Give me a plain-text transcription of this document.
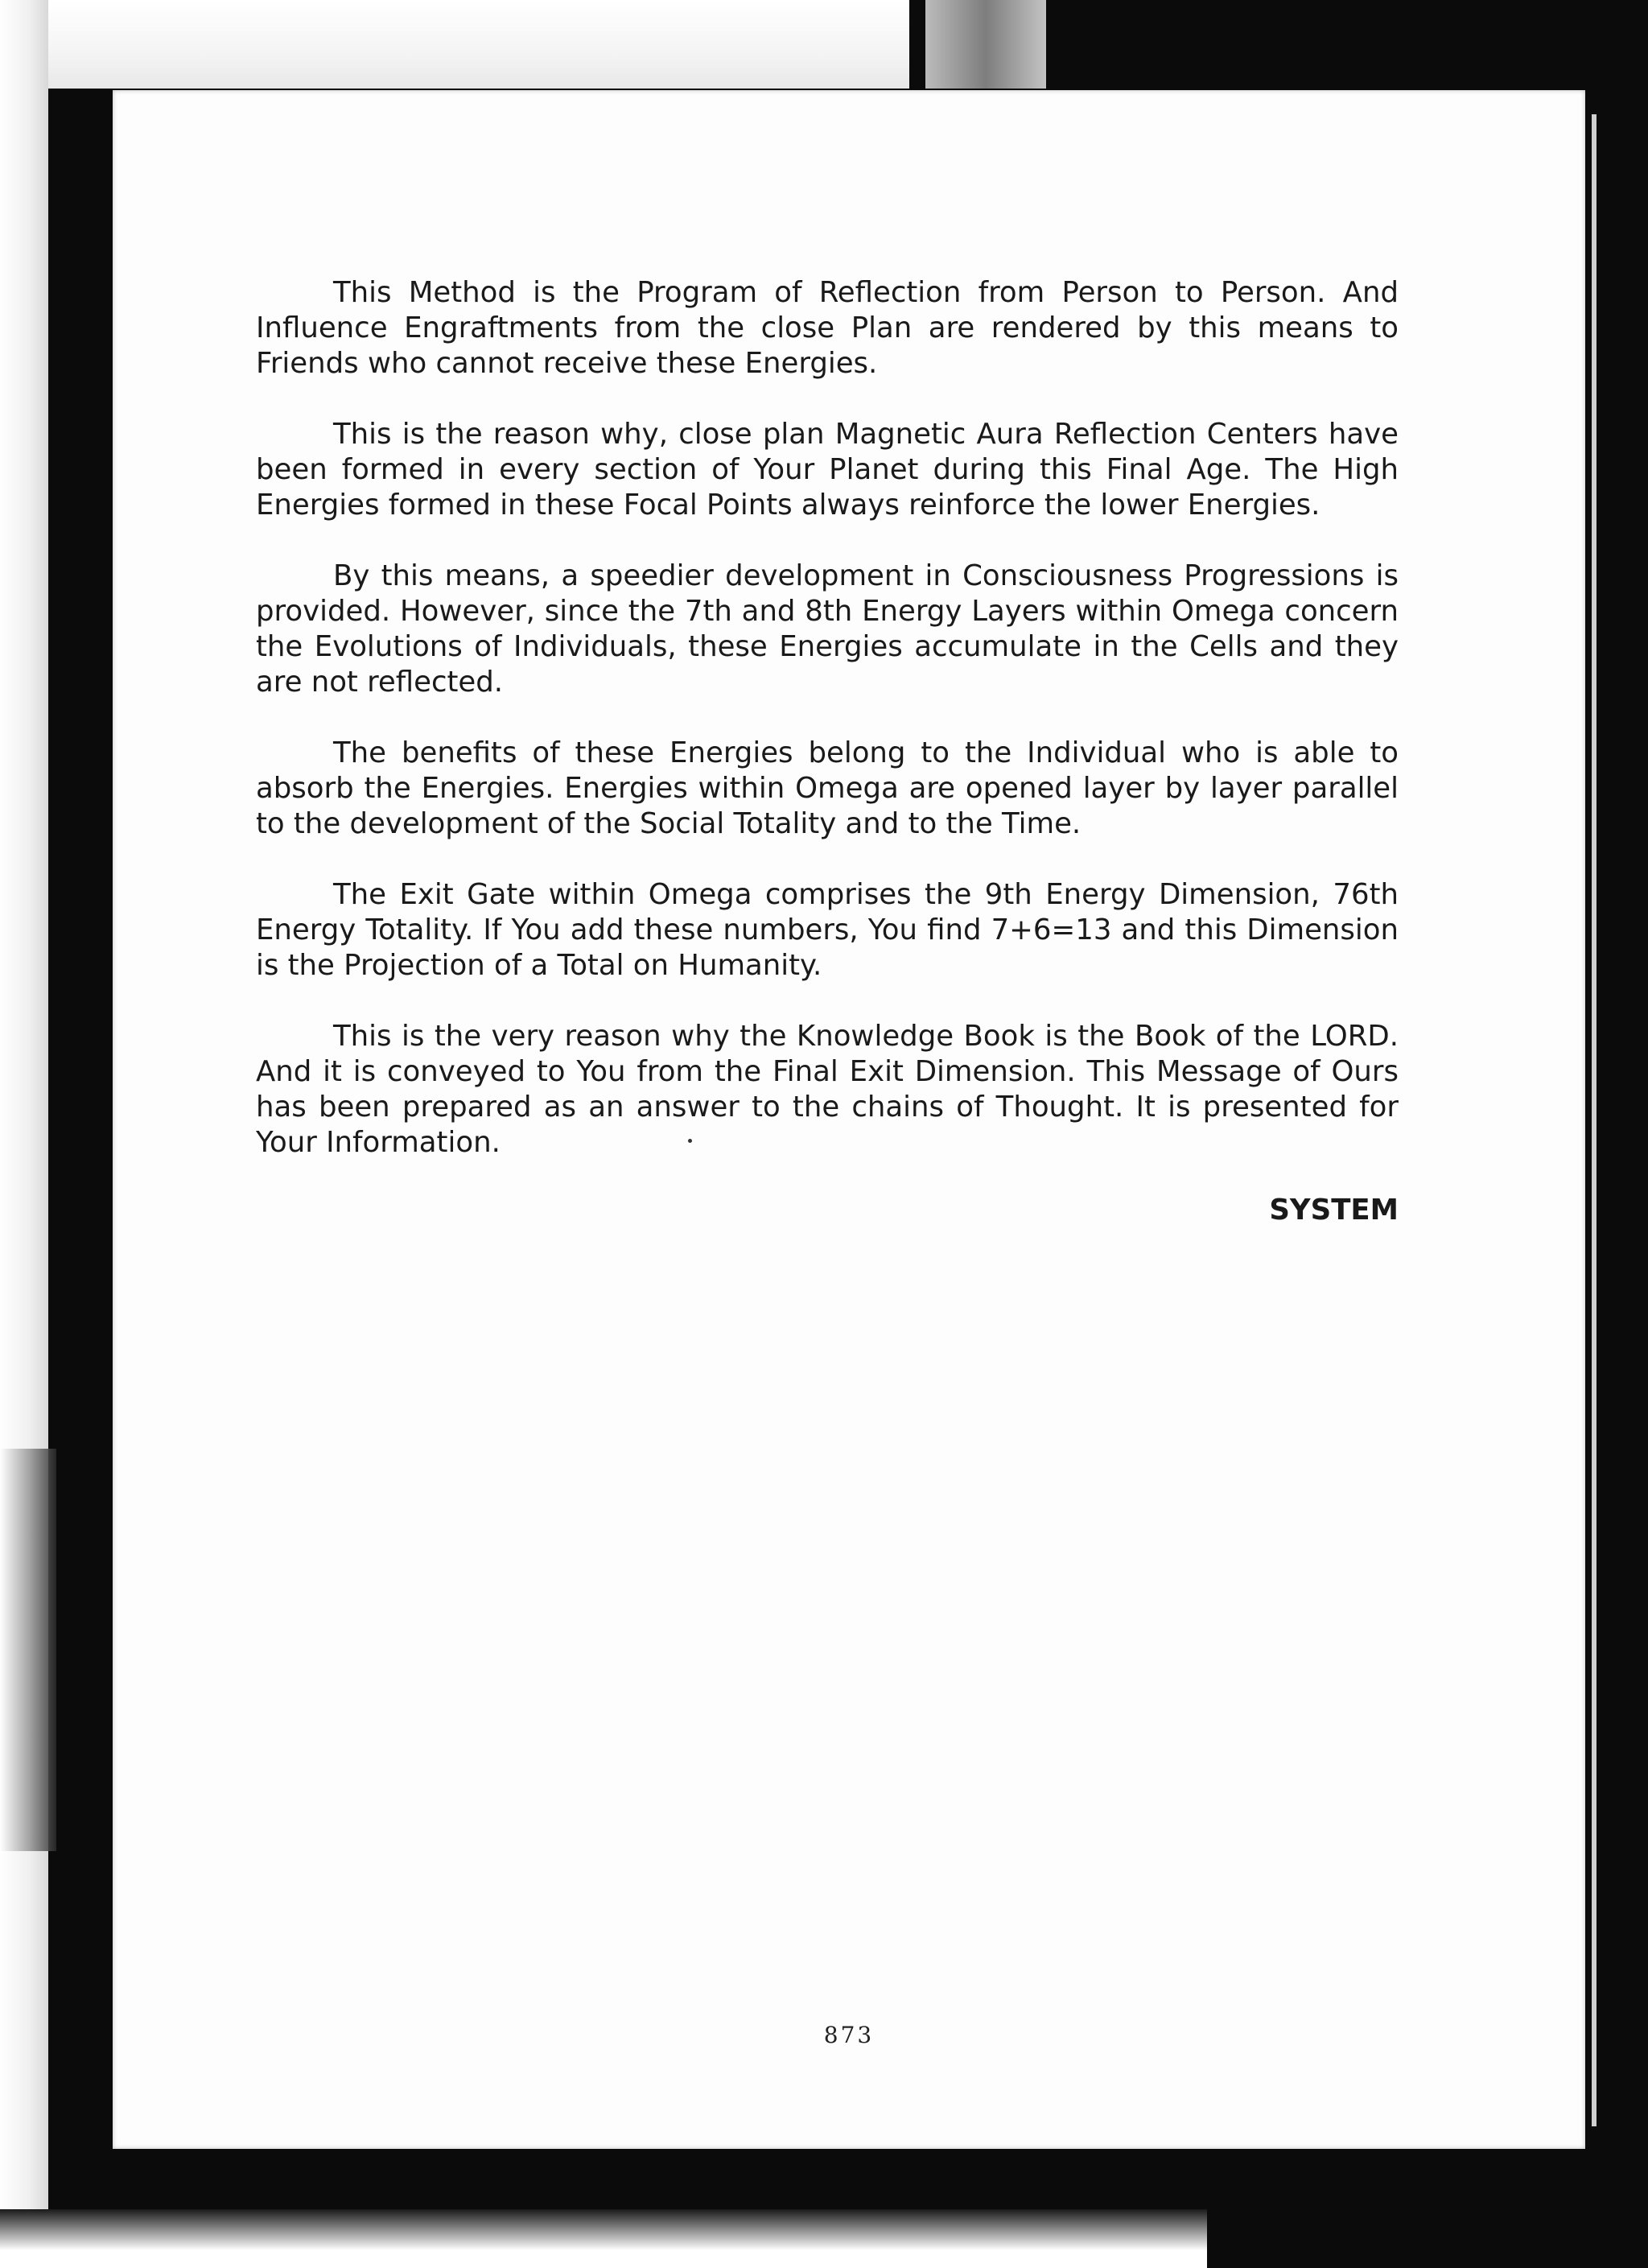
This Method is the Program of Reflection from Person to Person. And Influence Engraftments from the close Plan are rendered by this means to Friends who cannot receive these Energies.

This is the reason why, close plan Magnetic Aura Reflection Centers have been formed in every section of Your Planet during this Final Age. The High Energies formed in these Focal Points always reinforce the lower Energies.

By this means, a speedier development in Consciousness Progressions is provided. However, since the 7th and 8th Energy Layers within Omega concern the Evolutions of Individuals, these Energies accumulate in the Cells and they are not reflected.

The benefits of these Energies belong to the Individual who is able to absorb the Energies. Energies within Omega are opened layer by layer parallel to the development of the Social Totality and to the Time.

The Exit Gate within Omega comprises the 9th Energy Dimension, 76th Energy Totality. If You add these numbers, You find 7+6=13 and this Dimension is the Projection of a Total on Humanity.

This is the very reason why the Knowledge Book is the Book of the LORD. And it is conveyed to You from the Final Exit Dimension. This Message of Ours has been prepared as an answer to the chains of Thought. It is presented for Your Information.

SYSTEM
873
